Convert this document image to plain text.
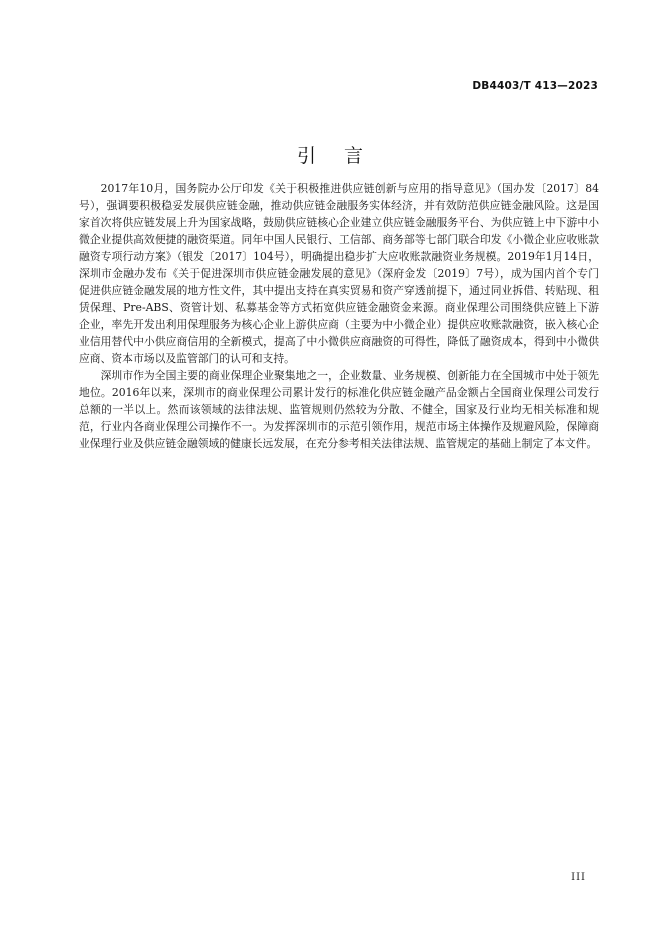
DB4403/T 413—2023
引 言

2017年10月，国务院办公厅印发《关于积极推进供应链创新与应用的指导意见》（国办发〔2017〕84号），强调要积极稳妥发展供应链金融，推动供应链金融服务实体经济，并有效防范供应链金融风险。这是国家首次将供应链发展上升为国家战略，鼓励供应链核心企业建立供应链金融服务平台、为供应链上中下游中小微企业提供高效便捷的融资渠道。同年中国人民银行、工信部、商务部等七部门联合印发《小微企业应收账款融资专项行动方案》（银发〔2017〕104号），明确提出稳步扩大应收账款融资业务规模。2019年1月14日，深圳市金融办发布《关于促进深圳市供应链金融发展的意见》（深府金发〔2019〕7号），成为国内首个专门促进供应链金融发展的地方性文件，其中提出支持在真实贸易和资产穿透前提下，通过同业拆借、转贴现、租赁保理、Pre-ABS、资管计划、私募基金等方式拓宽供应链金融资金来源。商业保理公司围绕供应链上下游企业，率先开发出利用保理服务为核心企业上游供应商（主要为中小微企业）提供应收账款融资，嵌入核心企业信用替代中小供应商信用的全新模式，提高了中小微供应商融资的可得性，降低了融资成本，得到中小微供应商、资本市场以及监管部门的认可和支持。

深圳市作为全国主要的商业保理企业聚集地之一，企业数量、业务规模、创新能力在全国城市中处于领先地位。2016年以来，深圳市的商业保理公司累计发行的标准化供应链金融产品金额占全国商业保理公司发行总额的一半以上。然而该领域的法律法规、监管规则仍然较为分散、不健全，国家及行业均无相关标准和规范，行业内各商业保理公司操作不一。为发挥深圳市的示范引领作用，规范市场主体操作及规避风险，保障商业保理行业及供应链金融领域的健康长远发展，在充分参考相关法律法规、监管规定的基础上制定了本文件。

III
